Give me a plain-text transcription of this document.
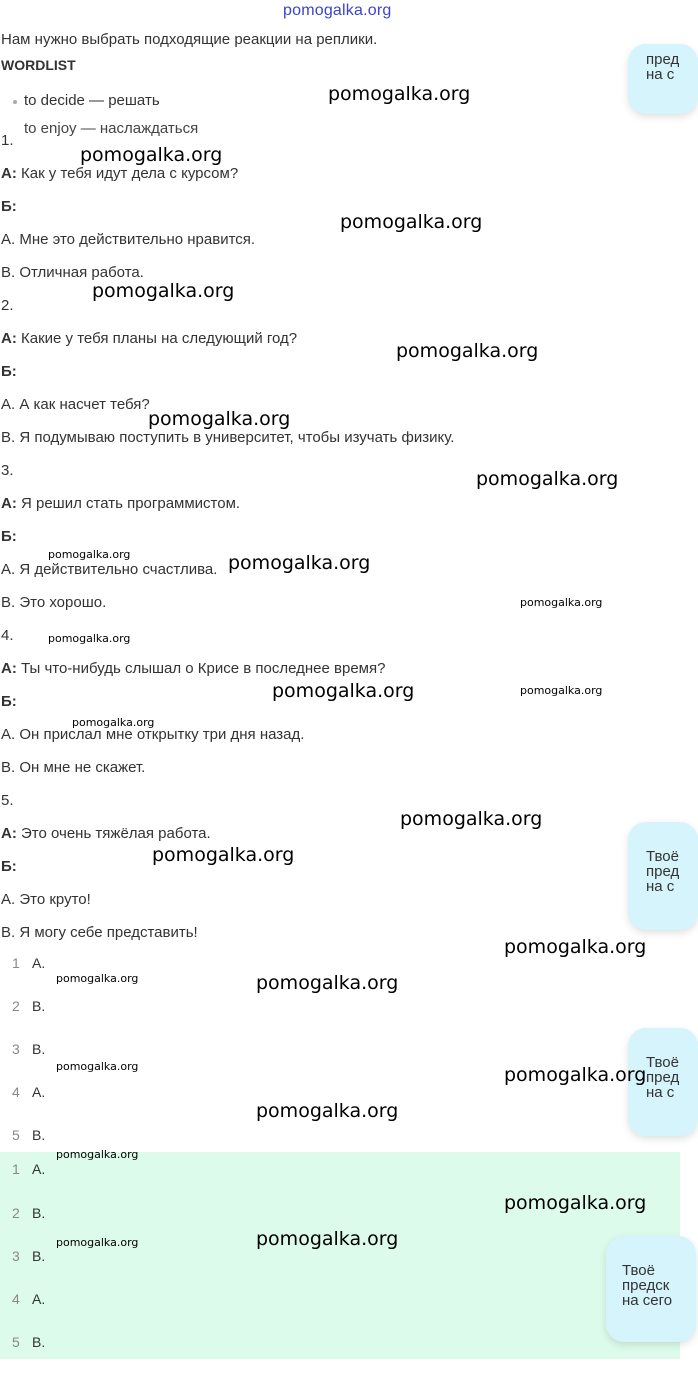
pomogalka.org
Нам нужно выбрать подходящие реакции на реплики.
WORDLIST
to decide — решать
to enjoy — наслаждаться
1.
А: Как у тебя идут дела с курсом?
Б:
A. Мне это действительно нравится.
B. Отличная работа.
2.
А: Какие у тебя планы на следующий год?
Б:
A. А как насчет тебя?
B. Я подумываю поступить в университет, чтобы изучать физику.
3.
А: Я решил стать программистом.
Б:
A. Я действительно счастлива.
B. Это хорошо.
4.
А: Ты что-нибудь слышал о Крисе в последнее время?
Б:
A. Он прислал мне открытку три дня назад.
B. Он мне не скажет.
5.
А: Это очень тяжёлая работа.
Б:
A. Это круто!
B. Я могу себе представить!
1 A.
2 B.
3 B.
4 A.
5 B.
1 A.
2 B.
3 B.
4 A.
5 B.
пред
на с
Твоё
пред
на с
Твоё
пред
на с
Твоё
предск
на сего
pomogalka.org
pomogalka.org
pomogalka.org
pomogalka.org
pomogalka.org
pomogalka.org
pomogalka.org
pomogalka.org	pomogalka.org
pomogalka.org
pomogalka.org
pomogalka.org	pomogalka.org
pomogalka.org
pomogalka.org
pomogalka.org
pomogalka.org
pomogalka.org	pomogalka.org
pomogalka.org	pomogalka.org
pomogalka.org
pomogalka.org
pomogalka.org
pomogalka.org	pomogalka.org
